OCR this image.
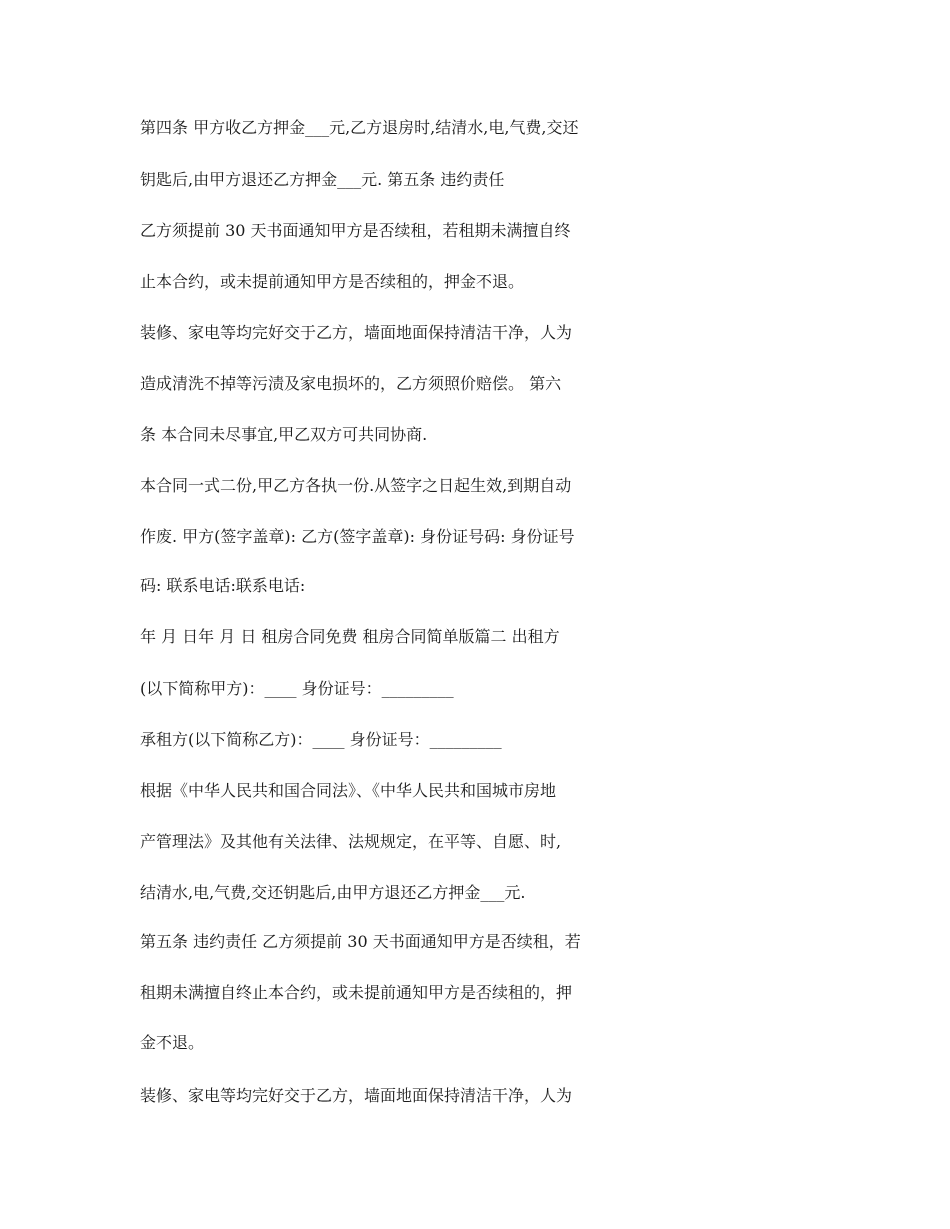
第四条 甲方收乙方押金___元,乙方退房时,结清水,电,气费,交还
钥匙后,由甲方退还乙方押金___元. 第五条 违约责任
乙方须提前 30 天书面通知甲方是否续租，若租期未满擅自终
止本合约，或未提前通知甲方是否续租的，押金不退。
装修、家电等均完好交于乙方，墙面地面保持清洁干净，人为
造成清洗不掉等污渍及家电损坏的，乙方须照价赔偿。 第六
条 本合同未尽事宜,甲乙双方可共同协商.
本合同一式二份,甲乙方各执一份.从签字之日起生效,到期自动
作废. 甲方(签字盖章): 乙方(签字盖章): 身份证号码: 身份证号
码: 联系电话:联系电话:
年 月 日年 月 日 租房合同免费 租房合同简单版篇二 出租方
(以下简称甲方)：____ 身份证号：_________
承租方(以下简称乙方)：____ 身份证号：_________
根据《中华人民共和国合同法》、《中华人民共和国城市房地
产管理法》及其他有关法律、法规规定，在平等、自愿、时,
结清水,电,气费,交还钥匙后,由甲方退还乙方押金___元.
第五条 违约责任 乙方须提前 30 天书面通知甲方是否续租，若
租期未满擅自终止本合约，或未提前通知甲方是否续租的，押
金不退。
装修、家电等均完好交于乙方，墙面地面保持清洁干净，人为
